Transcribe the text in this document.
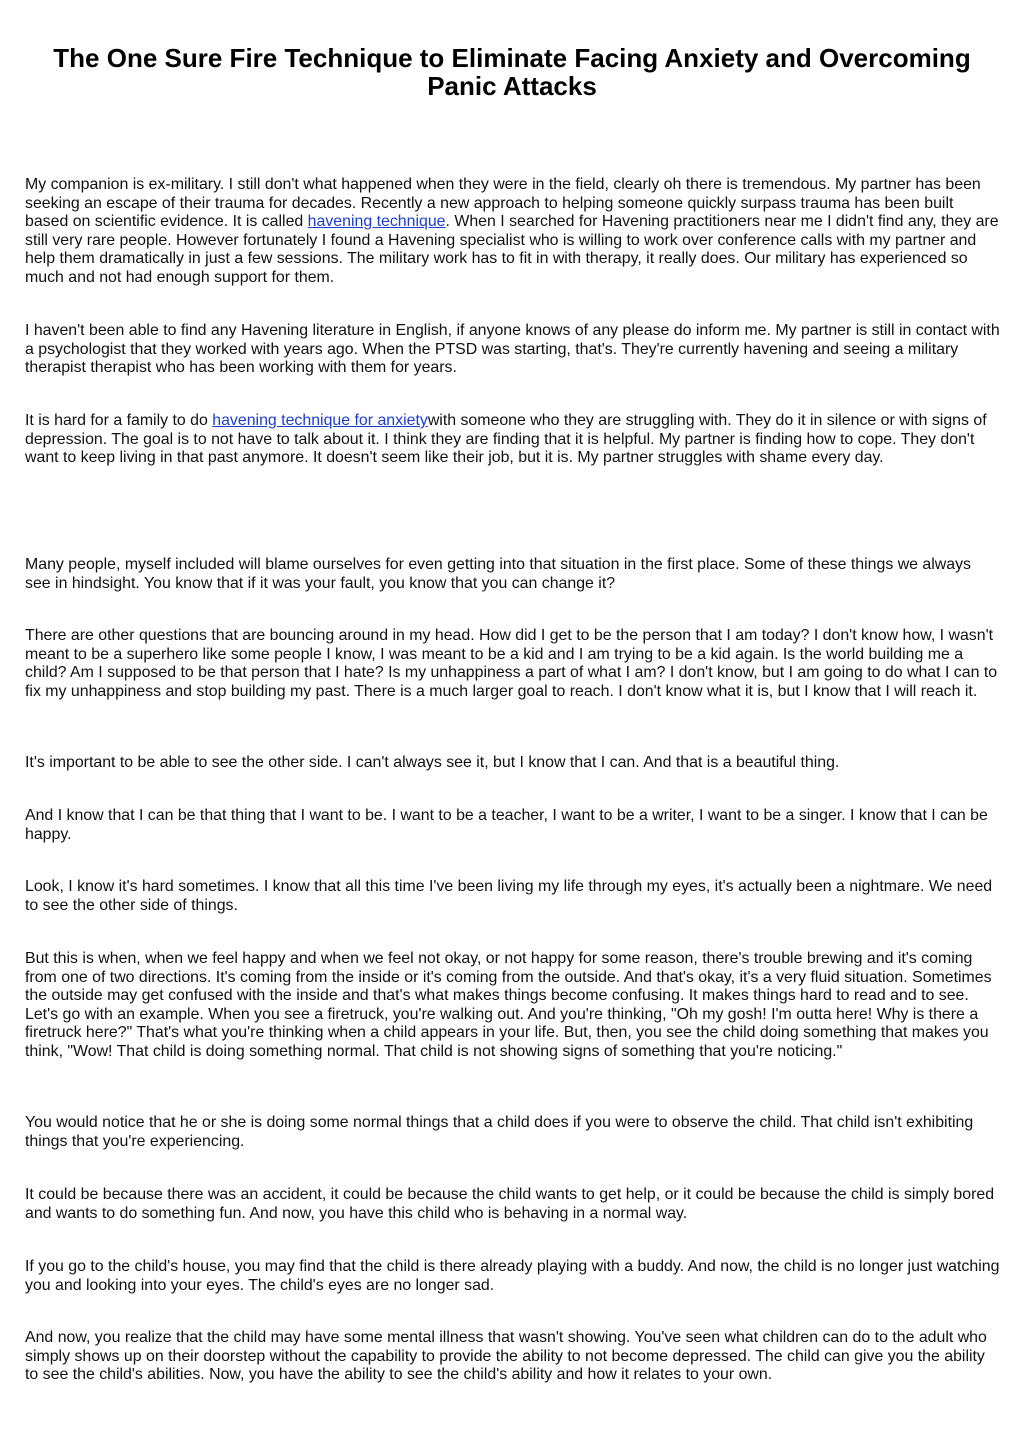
The One Sure Fire Technique to Eliminate Facing Anxiety and Overcoming Panic Attacks

My companion is ex-military. I still don't what happened when they were in the field, clearly oh there is tremendous. My partner has been seeking an escape of their trauma for decades. Recently a new approach to helping someone quickly surpass trauma has been built based on scientific evidence. It is called havening technique. When I searched for Havening practitioners near me I didn't find any, they are still very rare people. However fortunately I found a Havening specialist who is willing to work over conference calls with my partner and help them dramatically in just a few sessions. The military work has to fit in with therapy, it really does. Our military has experienced so much and not had enough support for them.

I haven't been able to find any Havening literature in English, if anyone knows of any please do inform me. My partner is still in contact with a psychologist that they worked with years ago. When the PTSD was starting, that's. They're currently havening and seeing a military therapist therapist who has been working with them for years.

It is hard for a family to do havening technique for anxietywith someone who they are struggling with. They do it in silence or with signs of depression. The goal is to not have to talk about it. I think they are finding that it is helpful. My partner is finding how to cope. They don't want to keep living in that past anymore. It doesn't seem like their job, but it is. My partner struggles with shame every day.

Many people, myself included will blame ourselves for even getting into that situation in the first place. Some of these things we always see in hindsight. You know that if it was your fault, you know that you can change it?

There are other questions that are bouncing around in my head. How did I get to be the person that I am today? I don't know how, I wasn't meant to be a superhero like some people I know, I was meant to be a kid and I am trying to be a kid again. Is the world building me a child? Am I supposed to be that person that I hate? Is my unhappiness a part of what I am? I don't know, but I am going to do what I can to fix my unhappiness and stop building my past. There is a much larger goal to reach. I don't know what it is, but I know that I will reach it.

It's important to be able to see the other side. I can't always see it, but I know that I can. And that is a beautiful thing.

And I know that I can be that thing that I want to be. I want to be a teacher, I want to be a writer, I want to be a singer. I know that I can be happy.

Look, I know it's hard sometimes. I know that all this time I've been living my life through my eyes, it's actually been a nightmare. We need to see the other side of things.

But this is when, when we feel happy and when we feel not okay, or not happy for some reason, there's trouble brewing and it's coming from one of two directions. It's coming from the inside or it's coming from the outside. And that's okay, it's a very fluid situation. Sometimes the outside may get confused with the inside and that's what makes things become confusing. It makes things hard to read and to see. Let's go with an example. When you see a firetruck, you're walking out. And you're thinking, "Oh my gosh! I'm outta here! Why is there a firetruck here?" That's what you're thinking when a child appears in your life. But, then, you see the child doing something that makes you think, "Wow! That child is doing something normal. That child is not showing signs of something that you're noticing."

You would notice that he or she is doing some normal things that a child does if you were to observe the child. That child isn't exhibiting things that you're experiencing.

It could be because there was an accident, it could be because the child wants to get help, or it could be because the child is simply bored and wants to do something fun. And now, you have this child who is behaving in a normal way.

If you go to the child's house, you may find that the child is there already playing with a buddy. And now, the child is no longer just watching you and looking into your eyes. The child's eyes are no longer sad.

And now, you realize that the child may have some mental illness that wasn't showing. You've seen what children can do to the adult who simply shows up on their doorstep without the capability to provide the ability to not become depressed. The child can give you the ability to see the child's abilities. Now, you have the ability to see the child's ability and how it relates to your own.
